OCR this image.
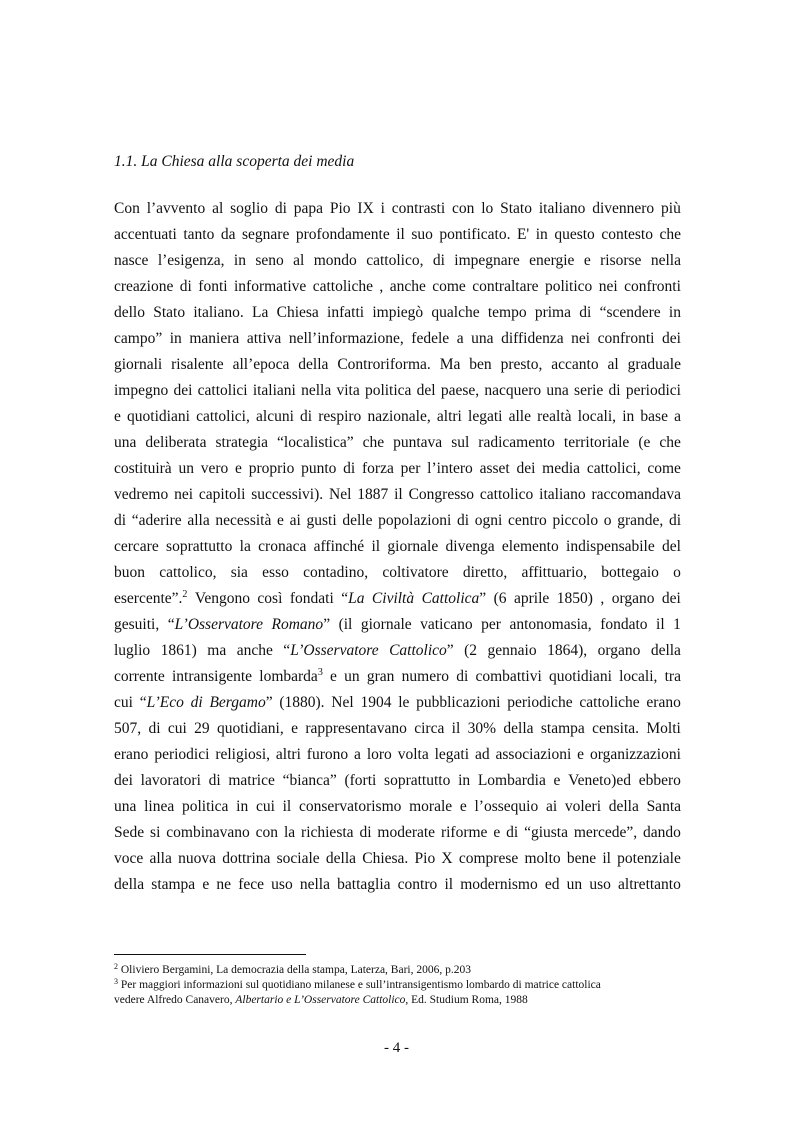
1.1. La Chiesa alla scoperta dei media
Con l’avvento al soglio di papa Pio IX i contrasti con lo Stato italiano divennero più
accentuati tanto da segnare profondamente il suo pontificato. E' in questo contesto che
nasce l’esigenza, in seno al mondo cattolico, di impegnare energie e risorse nella
creazione di fonti informative cattoliche , anche come contraltare politico nei confronti
dello Stato italiano. La Chiesa infatti impiegò qualche tempo prima di “scendere in
campo” in maniera attiva nell’informazione, fedele a una diffidenza nei confronti dei
giornali risalente all’epoca della Controriforma. Ma ben presto, accanto al graduale
impegno dei cattolici italiani nella vita politica del paese, nacquero una serie di periodici
e quotidiani cattolici, alcuni di respiro nazionale, altri legati alle realtà locali, in base a
una deliberata strategia “localistica” che puntava sul radicamento territoriale (e che
costituirà un vero e proprio punto di forza per l’intero asset dei media cattolici, come
vedremo nei capitoli successivi). Nel 1887 il Congresso cattolico italiano raccomandava
di “aderire alla necessità e ai gusti delle popolazioni di ogni centro piccolo o grande, di
cercare soprattutto la cronaca affinché il giornale divenga elemento indispensabile del
buon cattolico, sia esso contadino, coltivatore diretto, affittuario, bottegaio o
esercente”.$^2$ Vengono così fondati “La Civiltà Cattolica” (6 aprile 1850) , organo dei
gesuiti, “L’Osservatore Romano” (il giornale vaticano per antonomasia, fondato il 1
luglio 1861) ma anche “L’Osservatore Cattolico” (2 gennaio 1864), organo della
corrente intransigente lombarda$^3$ e un gran numero di combattivi quotidiani locali, tra
cui “L’Eco di Bergamo” (1880). Nel 1904 le pubblicazioni periodiche cattoliche erano
507, di cui 29 quotidiani, e rappresentavano circa il 30% della stampa censita. Molti
erano periodici religiosi, altri furono a loro volta legati ad associazioni e organizzazioni
dei lavoratori di matrice “bianca” (forti soprattutto in Lombardia e Veneto)ed ebbero
una linea politica in cui il conservatorismo morale e l’ossequio ai voleri della Santa
Sede si combinavano con la richiesta di moderate riforme e di “giusta mercede”, dando
voce alla nuova dottrina sociale della Chiesa. Pio X comprese molto bene il potenziale
della stampa e ne fece uso nella battaglia contro il modernismo ed un uso altrettanto
$^2$ Oliviero Bergamini, La democrazia della stampa, Laterza, Bari, 2006, p.203
$^3$ Per maggiori informazioni sul quotidiano milanese e sull’intransigentismo lombardo di matrice cattolica
vedere Alfredo Canavero, Albertario e L’Osservatore Cattolico, Ed. Studium Roma, 1988
- 4 -
